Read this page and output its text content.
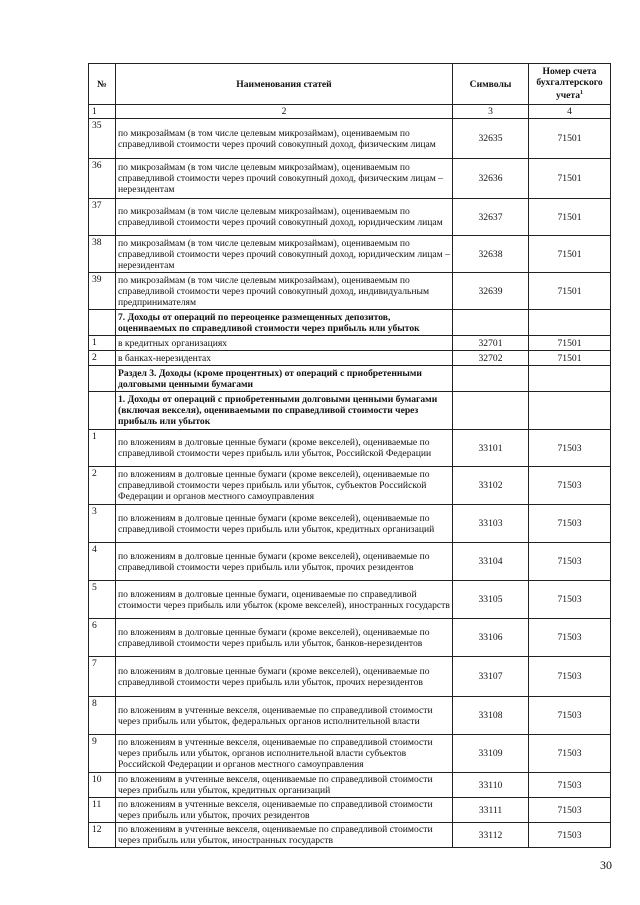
№	Наименования статей	Символы	Номер счета бухгалтерского учета$^1$
1	2	3	4
35	по микрозаймам (в том числе целевым микрозаймам), оцениваемым по справедливой стоимости через прочий совокупный доход, физическим лицам	32635	71501
36	по микрозаймам (в том числе целевым микрозаймам), оцениваемым по справедливой стоимости через прочий совокупный доход, физическим лицам – нерезидентам	32636	71501
37	по микрозаймам (в том числе целевым микрозаймам), оцениваемым по справедливой стоимости через прочий совокупный доход, юридическим лицам	32637	71501
38	по микрозаймам (в том числе целевым микрозаймам), оцениваемым по справедливой стоимости через прочий совокупный доход, юридическим лицам – нерезидентам	32638	71501
39	по микрозаймам (в том числе целевым микрозаймам), оцениваемым по справедливой стоимости через прочий совокупный доход, индивидуальным предпринимателям	32639	71501
	7. Доходы от операций по переоценке размещенных депозитов, оцениваемых по справедливой стоимости через прибыль или убыток		
1	в кредитных организациях	32701	71501
2	в банках-нерезидентах	32702	71501
	Раздел 3. Доходы (кроме процентных) от операций с приобретенными долговыми ценными бумагами		
	1. Доходы от операций с приобретенными долговыми ценными бумагами (включая векселя), оцениваемыми по справедливой стоимости через прибыль или убыток		
1	по вложениям в долговые ценные бумаги (кроме векселей), оцениваемые по справедливой стоимости через прибыль или убыток, Российской Федерации	33101	71503
2	по вложениям в долговые ценные бумаги (кроме векселей), оцениваемые по справедливой стоимости через прибыль или убыток, субъектов Российской Федерации и органов местного самоуправления	33102	71503
3	по вложениям в долговые ценные бумаги (кроме векселей), оцениваемые по справедливой стоимости через прибыль или убыток, кредитных организаций	33103	71503
4	по вложениям в долговые ценные бумаги (кроме векселей), оцениваемые по справедливой стоимости через прибыль или убыток, прочих резидентов	33104	71503
5	по вложениям в долговые ценные бумаги, оцениваемые по справедливой стоимости через прибыль или убыток (кроме векселей), иностранных государств	33105	71503
6	по вложениям в долговые ценные бумаги (кроме векселей), оцениваемые по справедливой стоимости через прибыль или убыток, банков-нерезидентов	33106	71503
7	по вложениям в долговые ценные бумаги (кроме векселей), оцениваемые по справедливой стоимости через прибыль или убыток, прочих нерезидентов	33107	71503
8	по вложениям в учтенные векселя, оцениваемые по справедливой стоимости через прибыль или убыток, федеральных органов исполнительной власти	33108	71503
9	по вложениям в учтенные векселя, оцениваемые по справедливой стоимости через прибыль или убыток, органов исполнительной власти субъектов Российской Федерации и органов местного самоуправления	33109	71503
10	по вложениям в учтенные векселя, оцениваемые по справедливой стоимости через прибыль или убыток, кредитных организаций	33110	71503
11	по вложениям в учтенные векселя, оцениваемые по справедливой стоимости через прибыль или убыток, прочих резидентов	33111	71503
12	по вложениям в учтенные векселя, оцениваемые по справедливой стоимости через прибыль или убыток, иностранных государств	33112	71503
30
